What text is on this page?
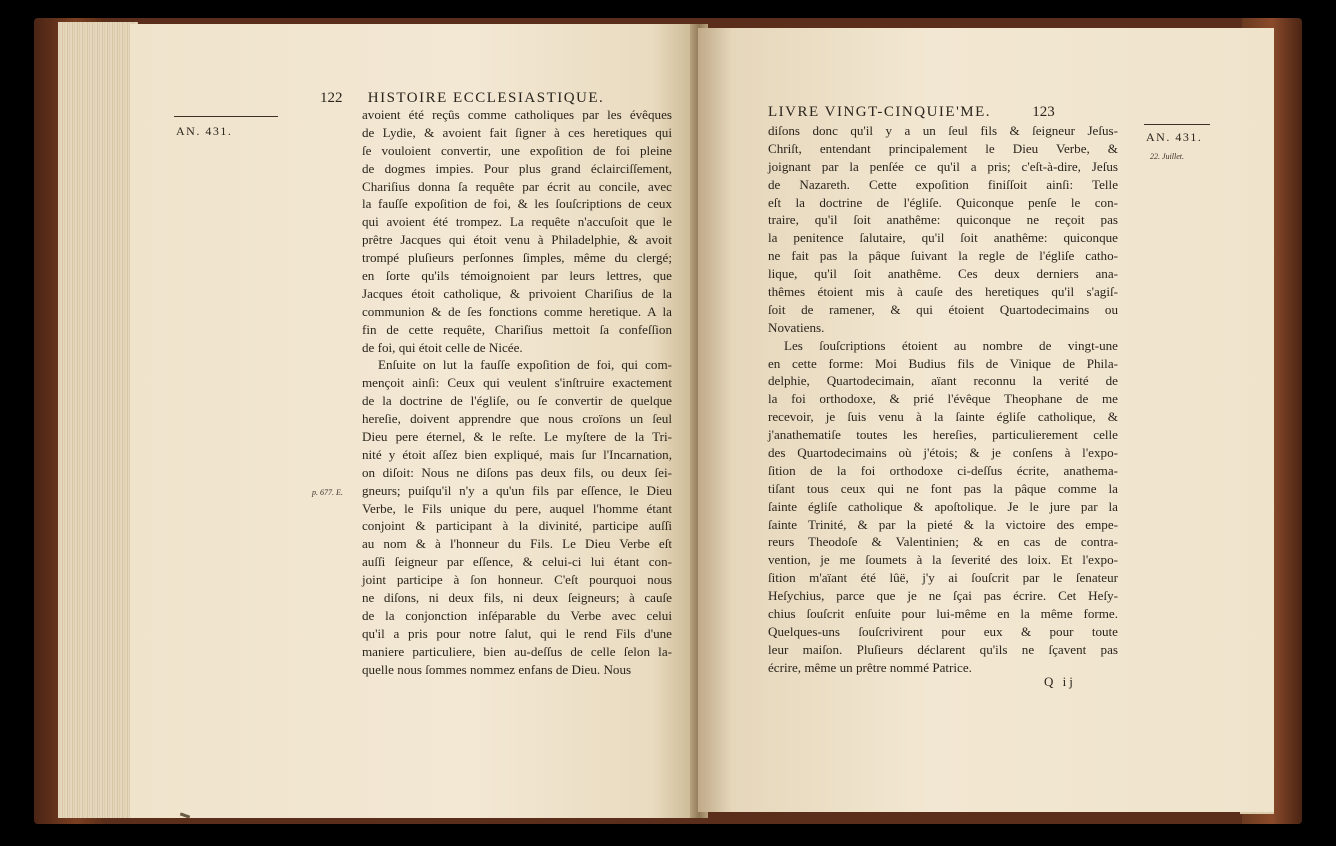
122 HISTOIRE ECCLESIASTIQUE.
AN. 431.
p. 677. E.
avoient été reçûs comme catholiques par les évêques
de Lydie, & avoient fait ſigner à ces heretiques qui
ſe vouloient convertir, une expoſition de foi pleine
de dogmes impies. Pour plus grand éclairciſſement,
Chariſius donna ſa requête par écrit au concile, avec
la fauſſe expoſition de foi, & les ſouſcriptions de ceux
qui avoient été trompez. La requête n'accuſoit que le
prêtre Jacques qui étoit venu à Philadelphie, & avoit
trompé pluſieurs perſonnes ſimples, même du clergé;
en ſorte qu'ils témoignoient par leurs lettres, que
Jacques étoit catholique, & privoient Chariſius de la
communion & de ſes fonctions comme heretique. A la
fin de cette requête, Chariſius mettoit ſa confeſſion
de foi, qui étoit celle de Nicée.
Enſuite on lut la fauſſe expoſition de foi, qui com-
mençoit ainſi: Ceux qui veulent s'inſtruire exactement
de la doctrine de l'égliſe, ou ſe convertir de quelque
hereſie, doivent apprendre que nous croïons un ſeul
Dieu pere éternel, & le reſte. Le myſtere de la Tri-
nité y étoit aſſez bien expliqué, mais ſur l'Incarnation,
on diſoit: Nous ne diſons pas deux fils, ou deux ſei-
gneurs; puiſqu'il n'y a qu'un fils par eſſence, le Dieu
Verbe, le Fils unique du pere, auquel l'homme étant
conjoint & participant à la divinité, participe auſſi
au nom & à l'honneur du Fils. Le Dieu Verbe eſt
auſſi ſeigneur par eſſence, & celui-ci lui étant con-
joint participe à ſon honneur. C'eſt pourquoi nous
ne diſons, ni deux fils, ni deux ſeigneurs; à cauſe
de la conjonction inſéparable du Verbe avec celui
qu'il a pris pour notre ſalut, qui le rend Fils d'une
maniere particuliere, bien au-deſſus de celle ſelon la-
quelle nous ſommes nommez enfans de Dieu. Nous
LIVRE VINGT-CINQUIE'ME.	123
AN. 431.
22. Juillet.
diſons donc qu'il y a un ſeul fils & ſeigneur Jeſus-
Chriſt, entendant principalement le Dieu Verbe, &
joignant par la penſée ce qu'il a pris; c'eſt-à-dire, Jeſus
de Nazareth. Cette expoſition finiſſoit ainſi: Telle
eſt la doctrine de l'égliſe. Quiconque penſe le con-
traire, qu'il ſoit anathême: quiconque ne reçoit pas
la penitence ſalutaire, qu'il ſoit anathême: quiconque
ne fait pas la pâque ſuivant la regle de l'égliſe catho-
lique, qu'il ſoit anathême. Ces deux derniers ana-
thêmes étoient mis à cauſe des heretiques qu'il s'agiſ-
ſoit de ramener, & qui étoient Quartodecimains ou
Novatiens.
Les ſouſcriptions étoient au nombre de vingt-une
en cette forme: Moi Budius fils de Vinique de Phila-
delphie, Quartodecimain, aïant reconnu la verité de
la foi orthodoxe, & prié l'évêque Theophane de me
recevoir, je ſuis venu à la ſainte égliſe catholique, &
j'anathematiſe toutes les hereſies, particulierement celle
des Quartodecimains où j'étois; & je conſens à l'expo-
ſition de la foi orthodoxe ci-deſſus écrite, anathema-
tiſant tous ceux qui ne font pas la pâque comme la
ſainte égliſe catholique & apoſtolique. Je le jure par la
ſainte Trinité, & par la pieté & la victoire des empe-
reurs Theodoſe & Valentinien; & en cas de contra-
vention, je me ſoumets à la ſeverité des loix. Et l'expo-
ſition m'aïant été lûë, j'y ai ſouſcrit par le ſenateur
Heſychius, parce que je ne ſçai pas écrire. Cet Heſy-
chius ſouſcrit enſuite pour lui-même en la même forme.
Quelques-uns ſouſcrivirent pour eux & pour toute
leur maiſon. Pluſieurs déclarent qu'ils ne ſçavent pas
écrire, même un prêtre nommé Patrice.
Q ij
